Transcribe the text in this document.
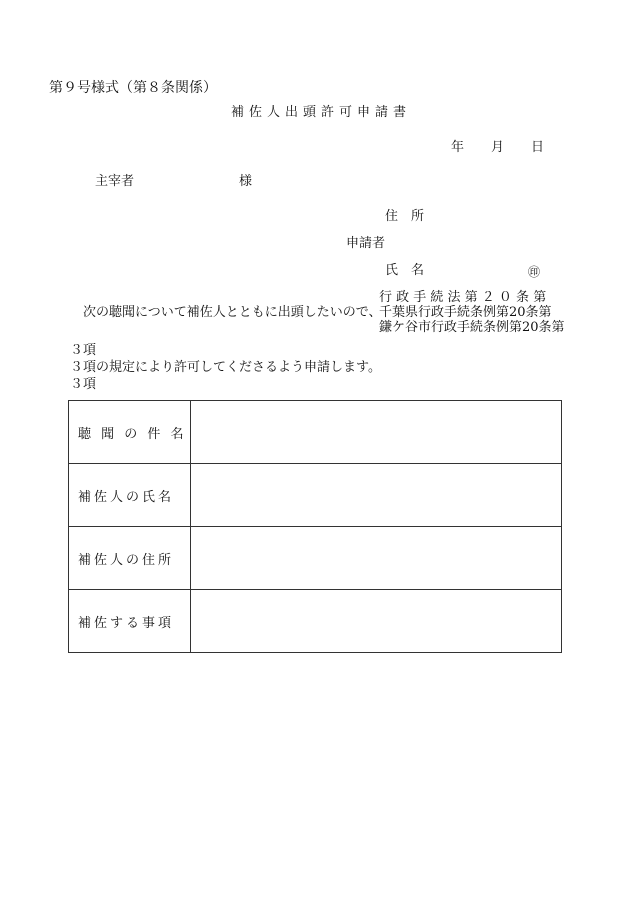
第９号様式（第８条関係）
補佐人出頭許可申請書
年 月 日
主宰者	様
住　所
申請者
氏　名	㊞
行 政 手 続 法 第 ２ ０ 条 第
次の聴聞について補佐人とともに出頭したいので、
千葉県行政手続条例第20条第
鎌ケ谷市行政手続条例第20条第
３項
３項の規定により許可してくださるよう申請します。
３項
聴 聞 の 件 名	
補佐人の氏名	
補佐人の住所	
補佐する事項	
